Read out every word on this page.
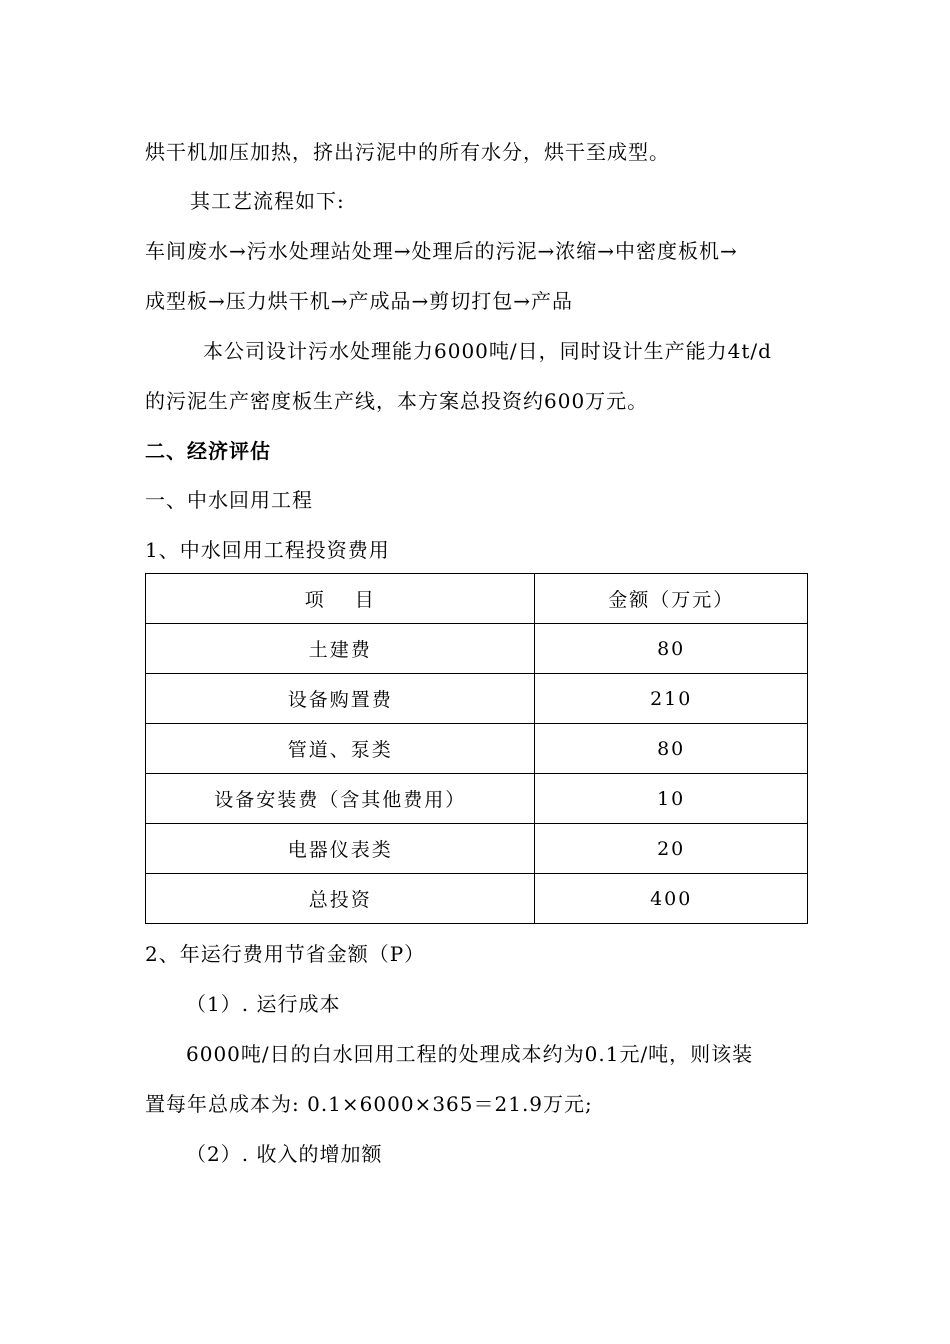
烘干机加压加热，挤出污泥中的所有水分，烘干至成型。
其工艺流程如下:
车间废水→污水处理站处理→处理后的污泥→浓缩→中密度板机→
成型板→压力烘干机→产成品→剪切打包→产品
本公司设计污水处理能力6000吨/日，同时设计生产能力4t/d
的污泥生产密度板生产线，本方案总投资约600万元。
二、经济评估
一、中水回用工程
1、中水回用工程投资费用
项　 目	金额（万元）
土建费	80
设备购置费	210
管道、泵类	80
设备安装费（含其他费用）	10
电器仪表类	20
总投资	400
2、年运行费用节省金额（P）
（1）. 运行成本
6000吨/日的白水回用工程的处理成本约为0.1元/吨，则该装
置每年总成本为: 0.1×6000×365＝21.9万元;
（2）. 收入的增加额
